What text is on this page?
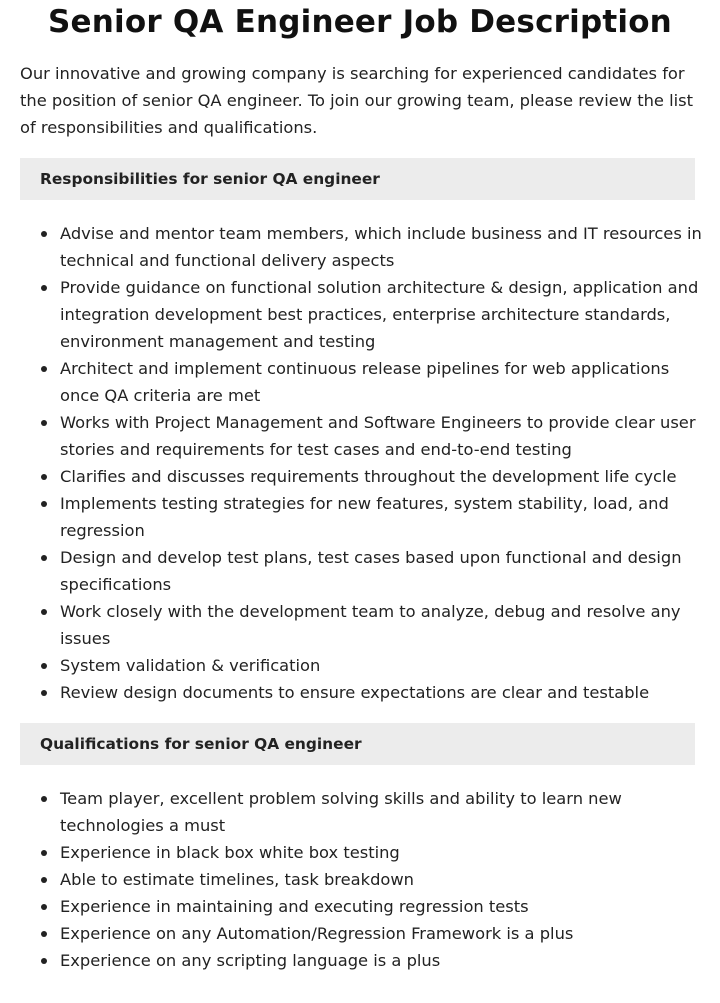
Senior QA Engineer Job Description

Our innovative and growing company is searching for experienced candidates for the position of senior QA engineer. To join our growing team, please review the list of responsibilities and qualifications.

Responsibilities for senior QA engineer
Advise and mentor team members, which include business and IT resources in technical and functional delivery aspects
Provide guidance on functional solution architecture & design, application and integration development best practices, enterprise architecture standards, environment management and testing
Architect and implement continuous release pipelines for web applications once QA criteria are met
Works with Project Management and Software Engineers to provide clear user stories and requirements for test cases and end-to-end testing
Clarifies and discusses requirements throughout the development life cycle
Implements testing strategies for new features, system stability, load, and regression
Design and develop test plans, test cases based upon functional and design specifications
Work closely with the development team to analyze, debug and resolve any issues
System validation & verification
Review design documents to ensure expectations are clear and testable
Qualifications for senior QA engineer
Team player, excellent problem solving skills and ability to learn new technologies a must
Experience in black box white box testing
Able to estimate timelines, task breakdown
Experience in maintaining and executing regression tests
Experience on any Automation/Regression Framework is a plus
Experience on any scripting language is a plus
